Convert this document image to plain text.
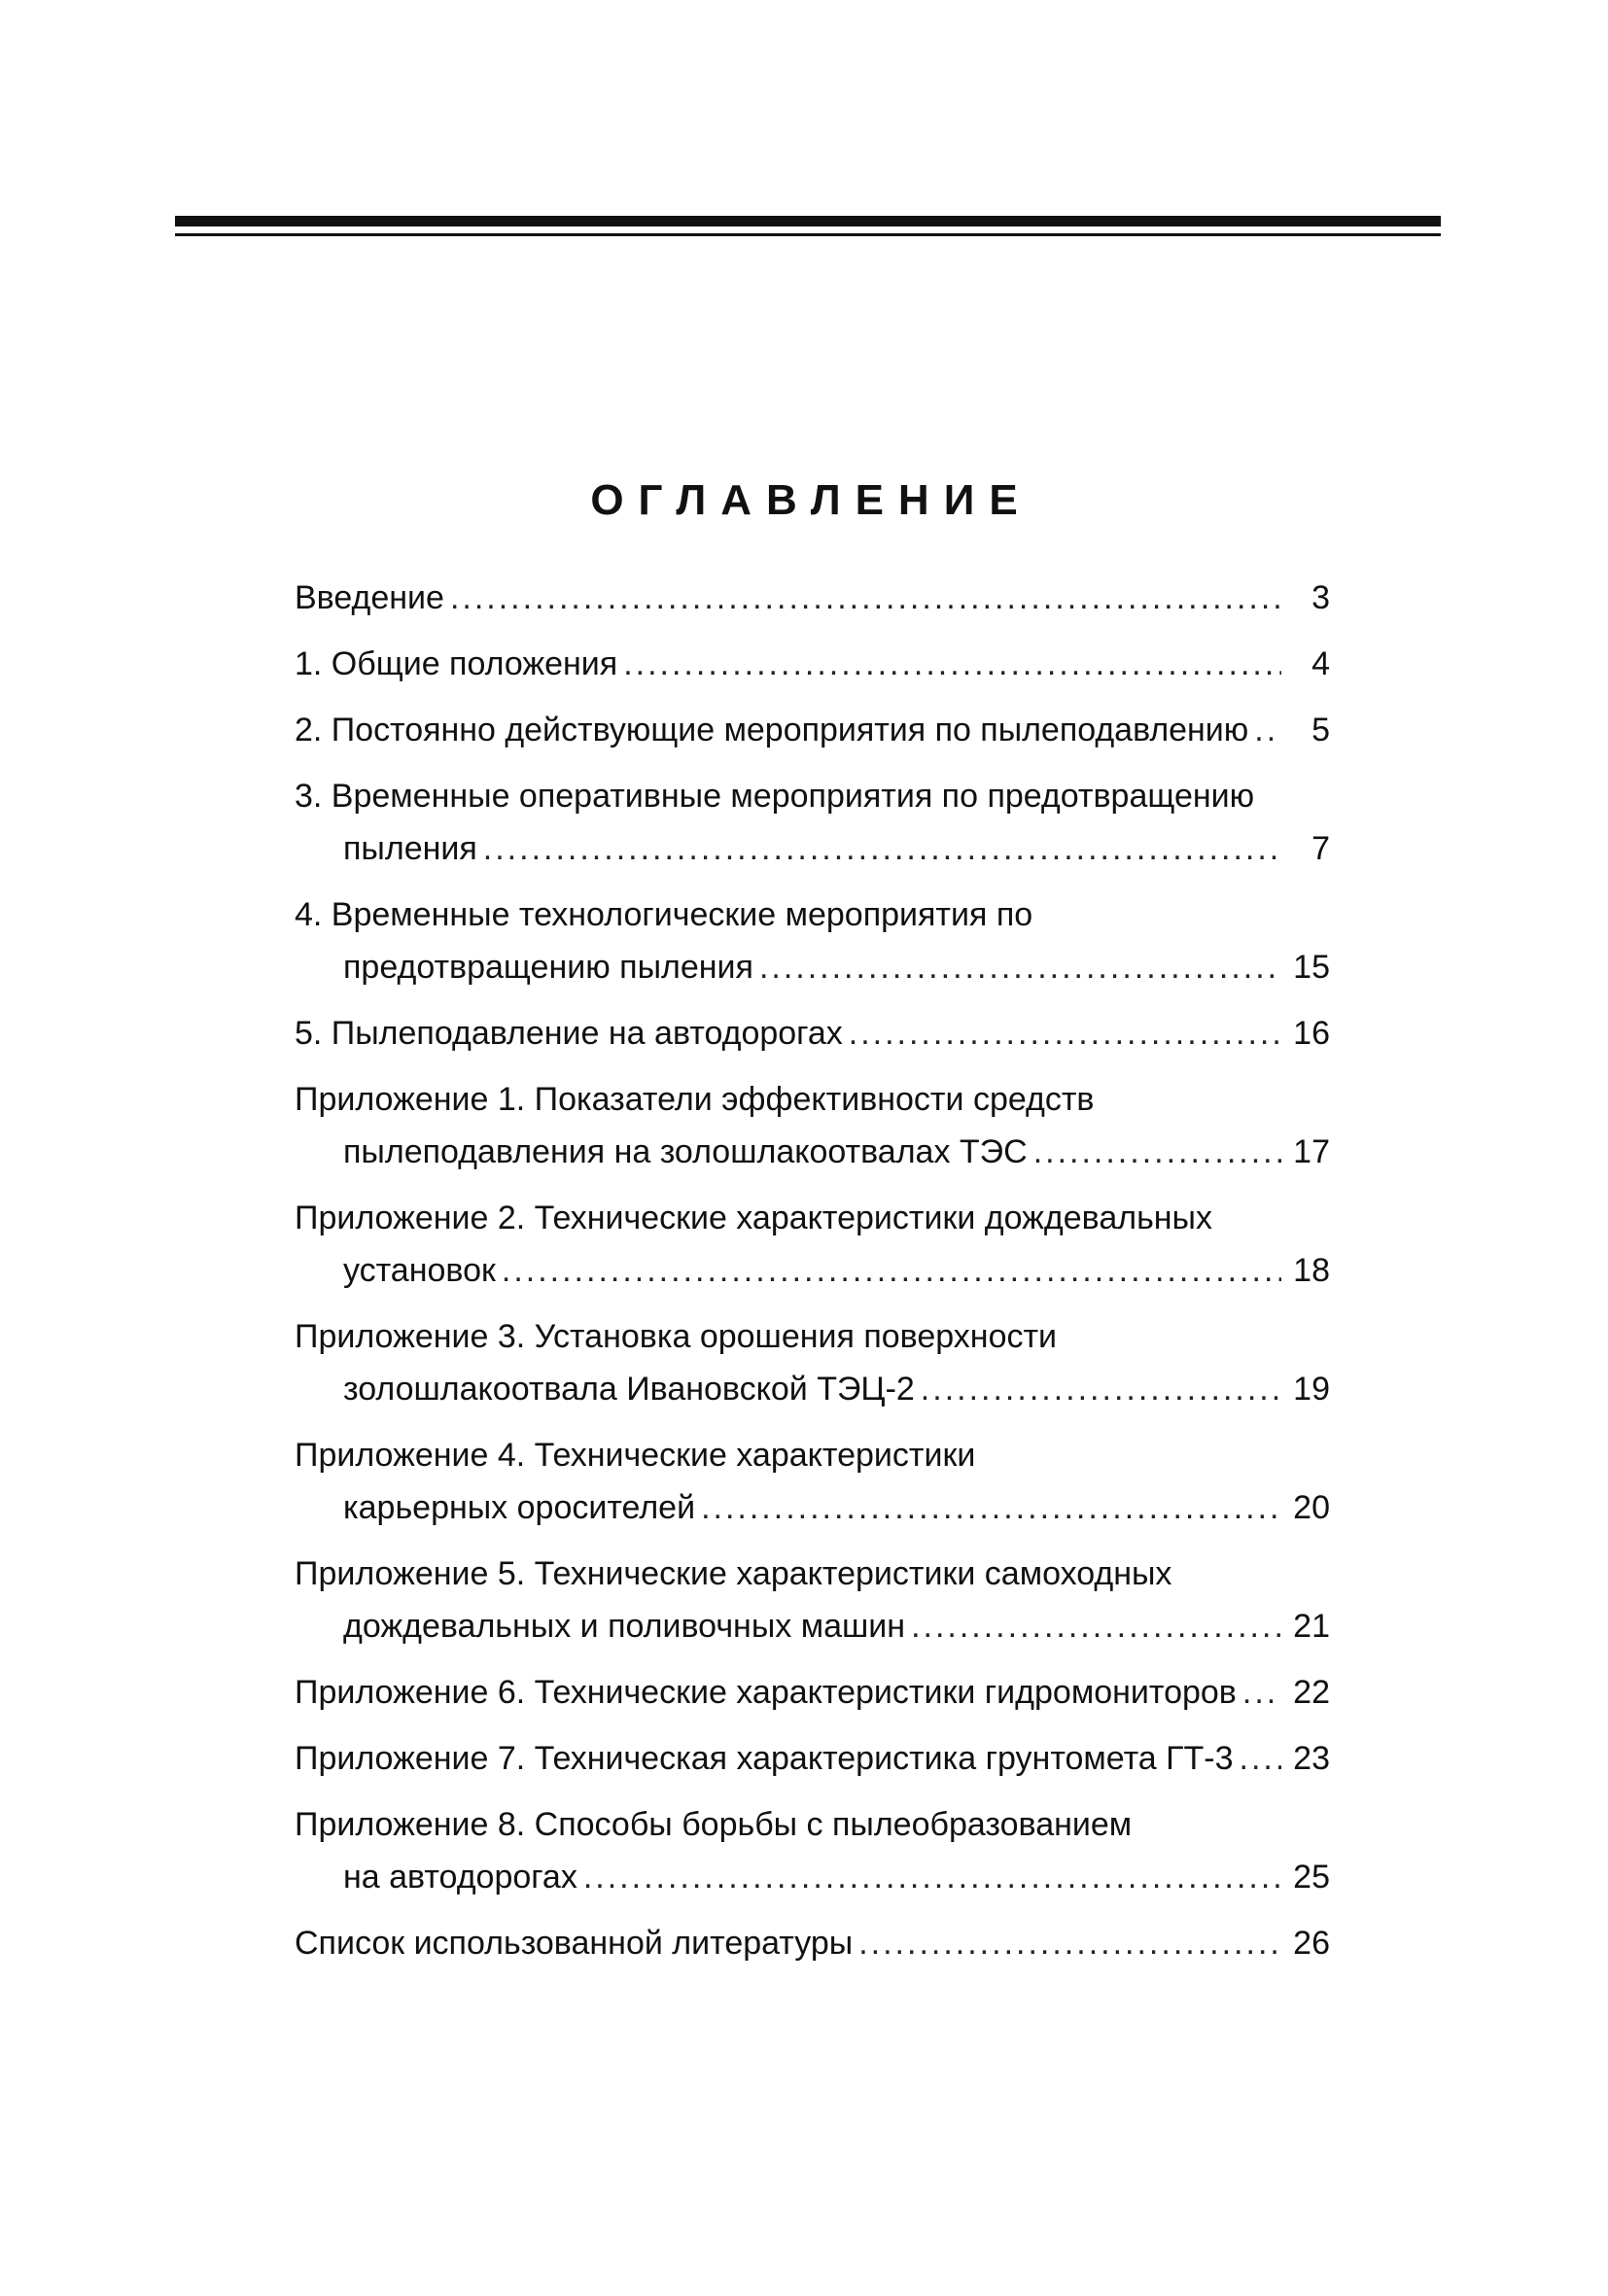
ОГЛАВЛЕНИЕ
Введение .....	3
1. Общие положения .....	4
2. Постоянно действующие мероприятия по пылеподавлению .....	5
3. Временные оперативные мероприятия по предотвращению
пыления .....	7
4. Временные технологические мероприятия по
предотвращению пыления .....	15
5. Пылеподавление на автодорогах .....	16
Приложение 1. Показатели эффективности средств
пылеподавления на золошлакоотвалах ТЭС .....	17
Приложение 2. Технические характеристики дождевальных
установок .....	18
Приложение 3. Установка орошения поверхности
золошлакоотвала Ивановской ТЭЦ-2 .....	19
Приложение 4. Технические характеристики
карьерных оросителей .....	20
Приложение 5. Технические характеристики самоходных
дождевальных и поливочных машин .....	21
Приложение 6. Технические характеристики гидромониторов ..... 22
Приложение 7. Техническая характеристика грунтомета ГТ-3 ..... 23
Приложение 8. Способы борьбы с пылеобразованием
на автодорогах .....	25
Список использованной литературы .....	26
